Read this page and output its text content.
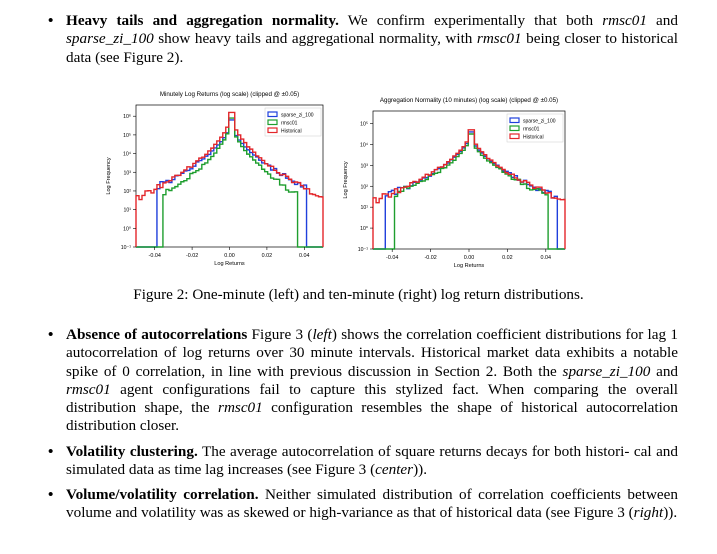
• Heavy tails and aggregation normality. We confirm experimentally that both rmsc01 and sparse_zi_100 show heavy tails and aggregational normality, with rmsc01 being closer to historical data (see Figure 2).
Minutely Log Returns (log scale) (clipped @ ±0.05)
-0.04	-0.02	0.00	0.02	0.04
10⁻¹
10⁰
10¹
10²
10³
10⁴
10⁵
10⁶
Log Returns
Log Frequency
sparse_zi_100
rmsc01
Historical
Aggregation Normality (10 minutes) (log scale) (clipped @ ±0.05)
-0.04	-0.02	0.00	0.02	0.04
10⁻¹
10⁰
10¹
10²
10³
10⁴
10⁵
Log Returns
Log Frequency
sparse_zi_100
rmsc01
Historical
Figure 2: One-minute (left) and ten-minute (right) log return distributions.
• Absence of autocorrelations Figure 3 (left) shows the correlation coefficient distributions for lag 1 autocorrelation of log returns over 30 minute intervals. Historical market data exhibits a notable spike of 0 correlation, in line with previous discussion in Section 2. Both the sparse_zi_100 and rmsc01 agent configurations fail to capture this stylized fact. When comparing the overall distribution shape, the rmsc01 configuration resembles the shape of historical autocorrelation distribution closer.
• Volatility clustering. The average autocorrelation of square returns decays for both histori- cal and simulated data as time lag increases (see Figure 3 (center)).
• Volume/volatility correlation. Neither simulated distribution of correlation coefficients between volume and volatility was as skewed or high-variance as that of historical data (see Figure 3 (right)).
